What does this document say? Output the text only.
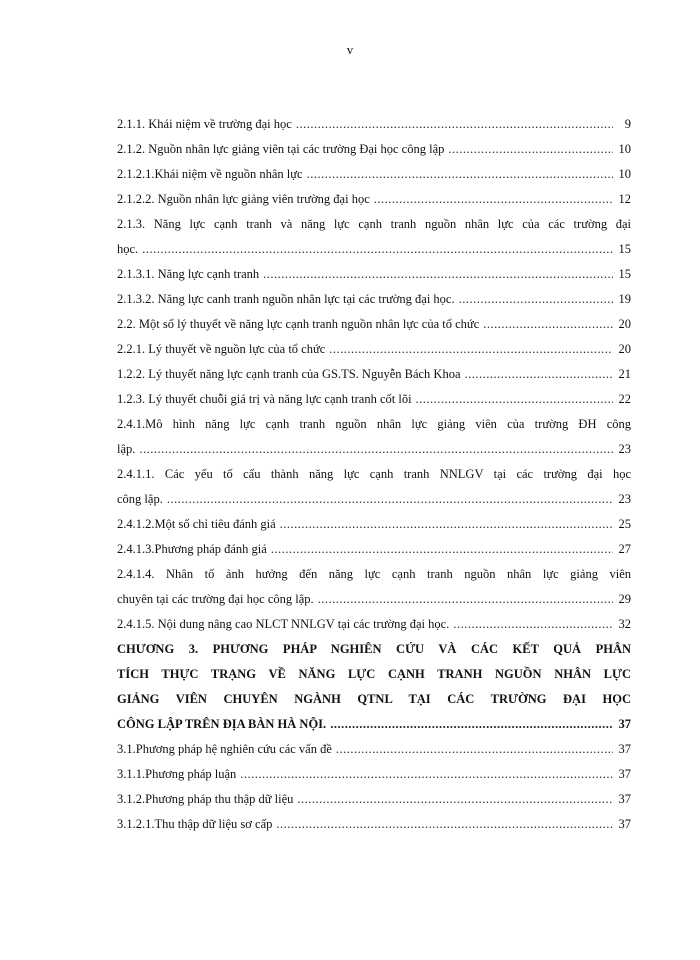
v
2.1.1. Khái niệm về trường đại học .....	9
2.1.2. Nguồn nhân lực giảng viên tại các trường Đại học công lập .....	10
2.1.2.1.Khái niệm về nguồn nhân lực .....	10
2.1.2.2. Nguồn nhân lực giảng viên trường đại học .....	12
2.1.3. Năng lực cạnh tranh và năng lực cạnh tranh nguồn nhân lực của các trường đại
học. .....	15
2.1.3.1. Năng lực cạnh tranh .....	15
2.1.3.2. Năng lực canh tranh nguồn nhân lực tại các trường đại học. .....	19
2.2. Một số lý thuyết về năng lực cạnh tranh nguồn nhân lực của tổ chức .....	20
2.2.1. Lý thuyết về nguồn lực của tổ chức .....	20
1.2.2. Lý thuyết năng lực cạnh tranh của GS.TS. Nguyễn Bách Khoa .....	21
1.2.3. Lý thuyết chuỗi giá trị và năng lực cạnh tranh cốt lõi .....	22
2.4.1.Mô hình năng lực cạnh tranh nguồn nhân lực giảng viên của trường ĐH công
lập. .....	23
2.4.1.1. Các yếu tố cấu thành năng lực cạnh tranh NNLGV tại các trường đại học
công lập. .....	23
2.4.1.2.Một số chỉ tiêu đánh giá .....	25
2.4.1.3.Phương pháp đánh giá .....	27
2.4.1.4. Nhân tố ảnh hưởng đến năng lực cạnh tranh nguồn nhân lực giảng viên
chuyên tại các trường đại học công lập. .....	29
2.4.1.5. Nội dung nâng cao NLCT NNLGV tại các trường đại học. .....	32
CHƯƠNG 3. PHƯƠNG PHÁP NGHIÊN CỨU VÀ CÁC KẾT QUẢ PHÂN
TÍCH THỰC TRẠNG VỀ NĂNG LỰC CẠNH TRANH NGUỒN NHÂN LỰC
GIẢNG VIÊN CHUYÊN NGÀNH QTNL TẠI CÁC TRƯỜNG ĐẠI HỌC
CÔNG LẬP TRÊN ĐỊA BÀN HÀ NỘI. .....	37
3.1.Phương pháp hệ nghiên cứu các vấn đề .....	37
3.1.1.Phương pháp luận .....	37
3.1.2.Phương pháp thu thập dữ liệu .....	37
3.1.2.1.Thu thập dữ liệu sơ cấp .....	37
